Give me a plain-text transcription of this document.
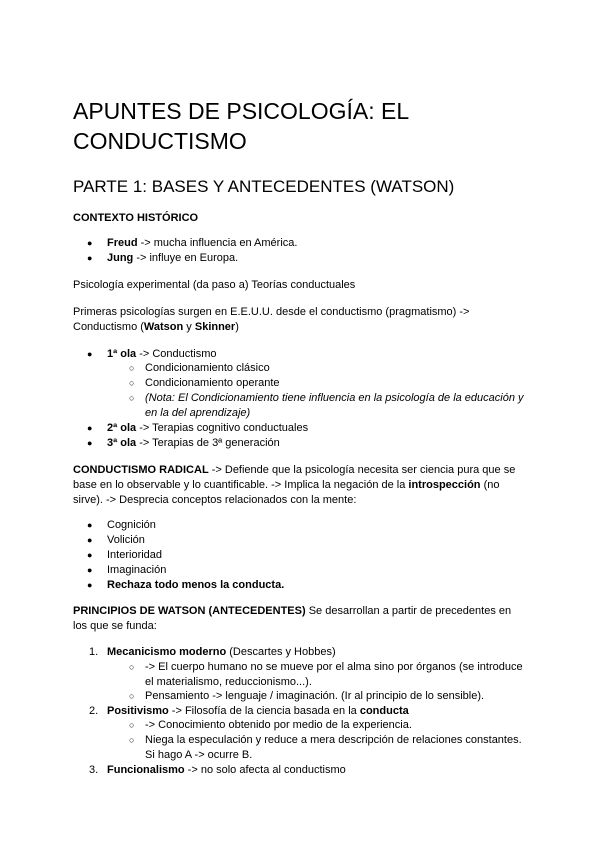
APUNTES DE PSICOLOGÍA: EL CONDUCTISMO
PARTE 1: BASES Y ANTECEDENTES (WATSON)
CONTEXTO HISTÓRICO
● Freud -> mucha influencia en América.
● Jung -> influye en Europa.

Psicología experimental (da paso a) Teorías conductuales

Primeras psicologías surgen en E.E.U.U. desde el conductismo (pragmatismo) ->
Conductismo (Watson y Skinner)

● 1ª ola -> Conductismo
○ Condicionamiento clásico
○ Condicionamiento operante
○ (Nota: El Condicionamiento tiene influencia en la psicología de la educación y
en la del aprendizaje)
● 2ª ola -> Terapias cognitivo conductuales
● 3ª ola -> Terapias de 3ª generación

CONDUCTISMO RADICAL -> Defiende que la psicología necesita ser ciencia pura que se
base en lo observable y lo cuantificable. -> Implica la negación de la introspección (no
sirve). -> Desprecia conceptos relacionados con la mente:

● Cognición
● Volición
● Interioridad
● Imaginación
● Rechaza todo menos la conducta.

PRINCIPIOS DE WATSON (ANTECEDENTES) Se desarrollan a partir de precedentes en
los que se funda:

1. Mecanicismo moderno (Descartes y Hobbes)
○ -> El cuerpo humano no se mueve por el alma sino por órganos (se introduce
el materialismo, reduccionismo...).
○ Pensamiento -> lenguaje / imaginación. (Ir al principio de lo sensible).
2. Positivismo -> Filosofía de la ciencia basada en la conducta
○ -> Conocimiento obtenido por medio de la experiencia.
○ Niega la especulación y reduce a mera descripción de relaciones constantes.
Si hago A -> ocurre B.
3. Funcionalismo -> no solo afecta al conductismo
